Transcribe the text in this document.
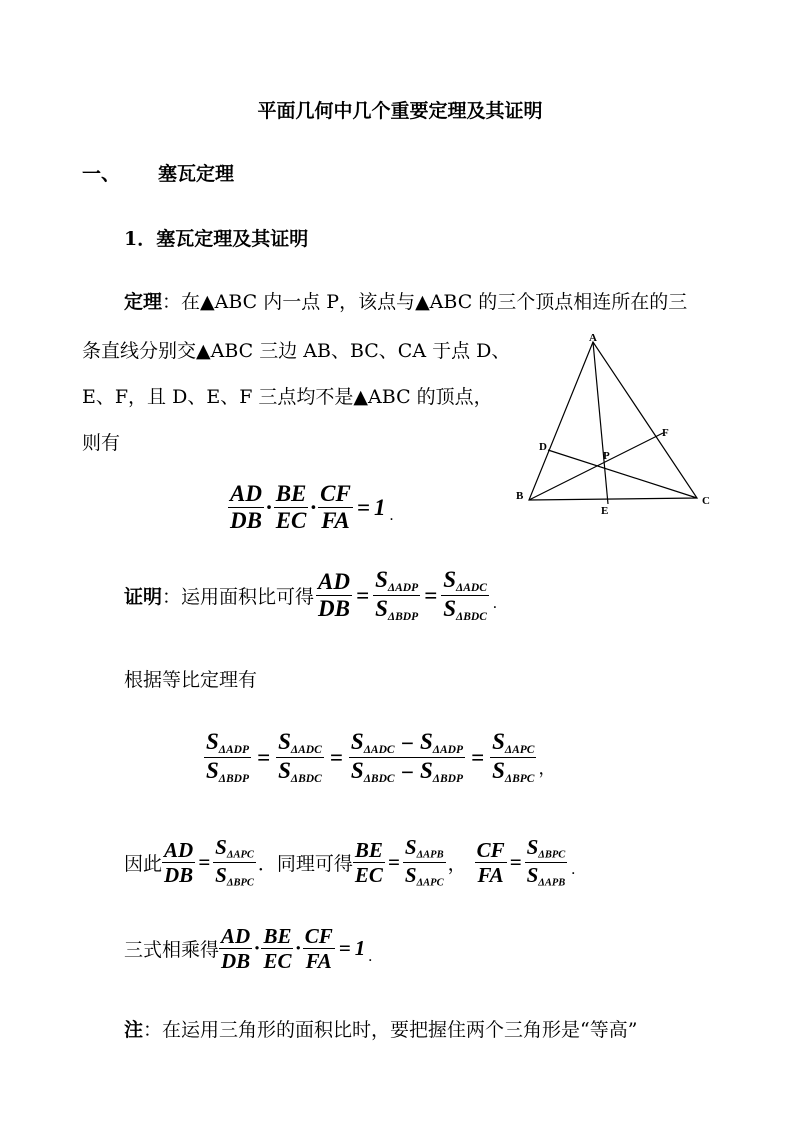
平面几何中几个重要定理及其证明
一、 塞瓦定理
1．塞瓦定理及其证明
定理：在▲ABC 内一点 P，该点与▲ABC 的三个顶点相连所在的三
条直线分别交▲ABC 三边 AB、BC、CA 于点 D、
E、F，且 D、E、F 三点均不是▲ABC 的顶点，
则有
A
B	C
D
E
F
P
$\frac{AD}{DB} \cdot \frac{BE}{EC} \cdot \frac{CF}{FA} = 1$ .
证明 ：运用面积比可得 $\frac{AD}{DB} = \frac{\text{SΔADP}}{\text{SΔBDP}} = \frac{\text{SΔADC}}{\text{SΔBDC}}$ .
根据等比定理有
$\frac{\text{SΔADP}}{\text{SΔBDP}} = \frac{\text{SΔADC}}{\text{SΔBDC}} = \frac{\text{SΔADC − SΔADP}}{\text{SΔBDC − SΔBDP}} = \frac{\text{SΔAPC}}{\text{SΔBPC}}$ ，
因此 $\frac{AD}{DB} = \frac{\text{SΔAPC}}{\text{SΔBPC}}$ ．同理可得 $\frac{BE}{EC} = \frac{\text{SΔAPB}}{\text{SΔAPC}}$ ， $\frac{CF}{FA} = \frac{\text{SΔBPC}}{\text{SΔAPB}}$ .
三式相乘得 $\frac{AD}{DB} \cdot \frac{BE}{EC} \cdot \frac{CF}{FA} = 1$ .
注：在运用三角形的面积比时，要把握住两个三角形是“等高”
